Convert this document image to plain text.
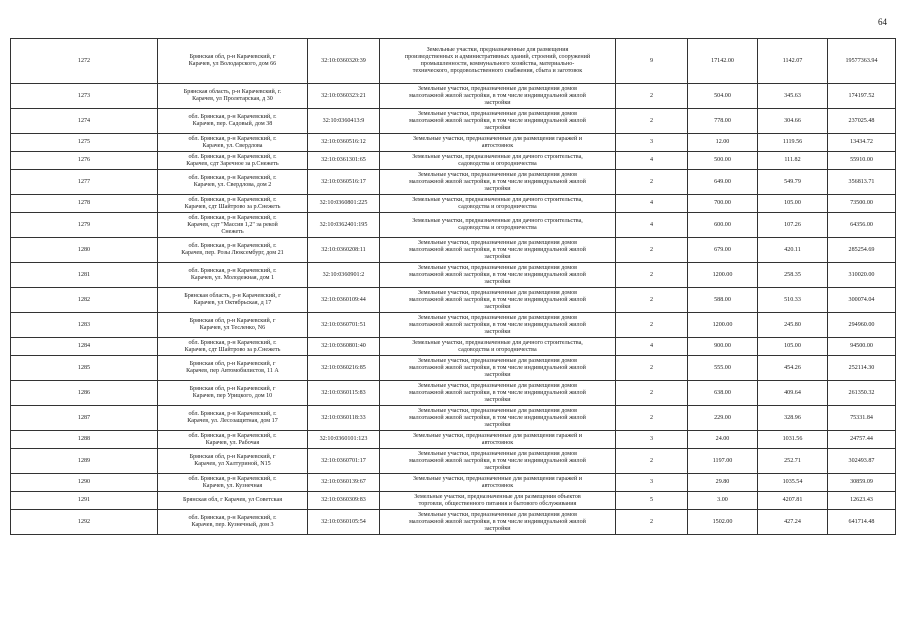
64
1272	Брянская обл, р-н Карачевский, г
Карачев, ул Володарского, дом 66	32:10:0360320:39	Земельные участки, предназначенные для размещения
производственных и административных зданий, строений, сооружений
промышленности, коммунального хозяйства, материально-
технического, продовольственного снабжения, сбыта и заготовок	9	17142.00	1142.07	19577363.94
1273	Брянская область, р-н Карачевский, г.
Карачев, ул Пролетарская, д 30	32:10:0360323:21	Земельные участки, предназначенные для размещения домов
малоэтажной жилой застройки, в том числе индивидуальной жилой
застройки	2	504.00	345.63	174197.52
1274	обл. Брянская, р-н Карачевский, г.
Карачев, пер. Садовый, дом 38	32:10:0360413:9	Земельные участки, предназначенные для размещения домов
малоэтажной жилой застройки, в том числе индивидуальной жилой
застройки	2	778.00	304.66	237025.48
1275	обл. Брянская, р-н Карачевский, г.
Карачев, ул. Свердлова	32:10:0360516:12	Земельные участки, предназначенные для размещения гаражей и
автостоянок	3	12.00	1119.56	13434.72
1276	обл. Брянская, р-н Карачевский, г.
Карачев, сдт Заречное за р.Снежеть	32:10:0361301:65	Земельные участки, предназначенные для дачного строительства,
садоводства и огородничества	4	500.00	111.82	55910.00
1277	обл. Брянская, р-н Карачевский, г.
Карачев, ул. Свердлова, дом 2	32:10:0360516:17	Земельные участки, предназначенные для размещения домов
малоэтажной жилой застройки, в том числе индивидуальной жилой
застройки	2	649.00	549.79	356813.71
1278	обл. Брянская, р-н Карачевский, г.
Карачев, сдт Шайтрово за р.Снежеть	32:10:0360801:225	Земельные участки, предназначенные для дачного строительства,
садоводства и огородничества	4	700.00	105.00	73500.00
1279	обл. Брянская, р-н Карачевский, г.
Карачев, сдт "Массив 1,2" за рекой
Снежеть	32:10:0362401:195	Земельные участки, предназначенные для дачного строительства,
садоводства и огородничества	4	600.00	107.26	64356.00
1280	обл. Брянская, р-н Карачевский, г.
Карачев, пер. Розы Люксембург, дом 21	32:10:0360208:11	Земельные участки, предназначенные для размещения домов
малоэтажной жилой застройки, в том числе индивидуальной жилой
застройки	2	679.00	420.11	285254.69
1281	обл. Брянская, р-н Карачевский, г.
Карачев, ул. Молодежная, дом 1	32:10:0360901:2	Земельные участки, предназначенные для размещения домов
малоэтажной жилой застройки, в том числе индивидуальной жилой
застройки	2	1200.00	258.35	310020.00
1282	Брянская область, р-н Карачевский, г
Карачев, ул Октябрьская, д 17	32:10:0360109:44	Земельные участки, предназначенные для размещения домов
малоэтажной жилой застройки, в том числе индивидуальной жилой
застройки	2	588.00	510.33	300074.04
1283	Брянская обл, р-н Карачевский, г
Карачев, ул Тесленко, N6	32:10:0360701:51	Земельные участки, предназначенные для размещения домов
малоэтажной жилой застройки, в том числе индивидуальной жилой
застройки	2	1200.00	245.80	294960.00
1284	обл. Брянская, р-н Карачевский, г.
Карачев, сдт Шайтрово за р.Снежеть	32:10:0360801:40	Земельные участки, предназначенные для дачного строительства,
садоводства и огородничества	4	900.00	105.00	94500.00
1285	Брянская обл, р-н Карачевский, г
Карачев, пер Автомобилистов, 11 А	32:10:0360216:85	Земельные участки, предназначенные для размещения домов
малоэтажной жилой застройки, в том числе индивидуальной жилой
застройки	2	555.00	454.26	252114.30
1286	Брянская обл, р-н Карачевский, г
Карачев, пер Урицкого, дом 10	32:10:0360115:83	Земельные участки, предназначенные для размещения домов
малоэтажной жилой застройки, в том числе индивидуальной жилой
застройки	2	638.00	409.64	261350.32
1287	обл. Брянская, р-н Карачевский, г.
Карачев, ул. Лесозащитная, дом 17	32:10:0360118:33	Земельные участки, предназначенные для размещения домов
малоэтажной жилой застройки, в том числе индивидуальной жилой
застройки	2	229.00	328.96	75331.84
1288	обл. Брянская, р-н Карачевский, г.
Карачев, ул. Рабочая	32:10:0360101:123	Земельные участки, предназначенные для размещения гаражей и
автостоянок	3	24.00	1031.56	24757.44
1289	Брянская обл, р-н Карачевский, г
Карачев, ул Халтуриной, N15	32:10:0360701:17	Земельные участки, предназначенные для размещения домов
малоэтажной жилой застройки, в том числе индивидуальной жилой
застройки	2	1197.00	252.71	302493.87
1290	обл. Брянская, р-н Карачевский, г.
Карачев, ул. Кузнечная	32:10:0360139:67	Земельные участки, предназначенные для размещения гаражей и
автостоянок	3	29.80	1035.54	30859.09
1291	Брянская обл, г Карачев, ул Советская	32:10:0360309:83	Земельные участки, предназначенные для размещения объектов
торговли, общественного питания и бытового обслуживания	5	3.00	4207.81	12623.43
1292	обл. Брянская, р-н Карачевский, г.
Карачев, пер. Кузнечный, дом 3	32:10:0360105:54	Земельные участки, предназначенные для размещения домов
малоэтажной жилой застройки, в том числе индивидуальной жилой
застройки	2	1502.00	427.24	641714.48
